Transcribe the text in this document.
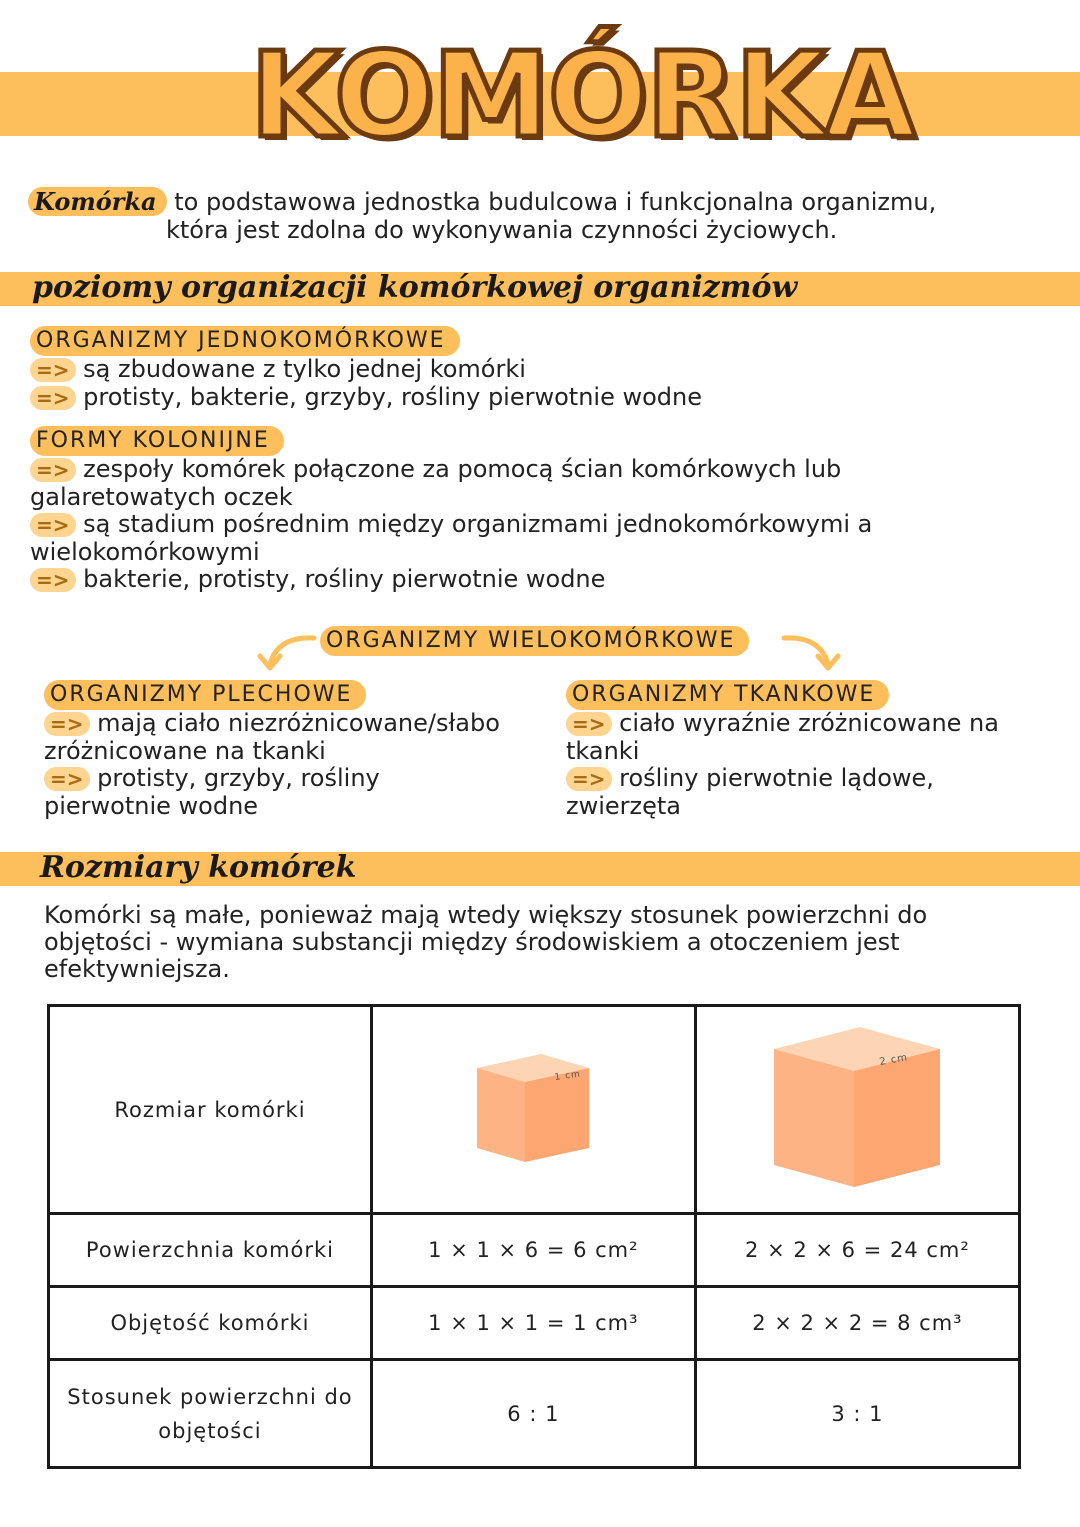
KOMÓRKA
Komórka to podstawowa jednostka budulcowa i funkcjonalna organizmu,
która jest zdolna do wykonywania czynności życiowych.
poziomy organizacji komórkowej organizmów
ORGANIZMY JEDNOKOMÓRKOWE
=> są zbudowane z tylko jednej komórki
=> protisty, bakterie, grzyby, rośliny pierwotnie wodne
FORMY KOLONIJNE
=> zespoły komórek połączone za pomocą ścian komórkowych lub
galaretowatych oczek
=> są stadium pośrednim między organizmami jednokomórkowymi a
wielokomórkowymi
=> bakterie, protisty, rośliny pierwotnie wodne
ORGANIZMY WIELOKOMÓRKOWE
ORGANIZMY PLECHOWE
=> mają ciało niezróżnicowane/słabo
zróżnicowane na tkanki
=> protisty, grzyby, rośliny
pierwotnie wodne
ORGANIZMY TKANKOWE
=> ciało wyraźnie zróżnicowane na
tkanki
=> rośliny pierwotnie lądowe,
zwierzęta
Rozmiary komórek
Komórki są małe, ponieważ mają wtedy większy stosunek powierzchni do
objętości - wymiana substancji między środowiskiem a otoczeniem jest
efektywniejsza.
Rozmiar komórki	1 cm	2 cm

Powierzchnia komórki	1 × 1 × 6 = 6 cm²	2 × 2 × 6 = 24 cm²
Objętość komórki	1 × 1 × 1 = 1 cm³	2 × 2 × 2 = 8 cm³

Stosunek powierzchni do
objętości	6 : 1	3 : 1
